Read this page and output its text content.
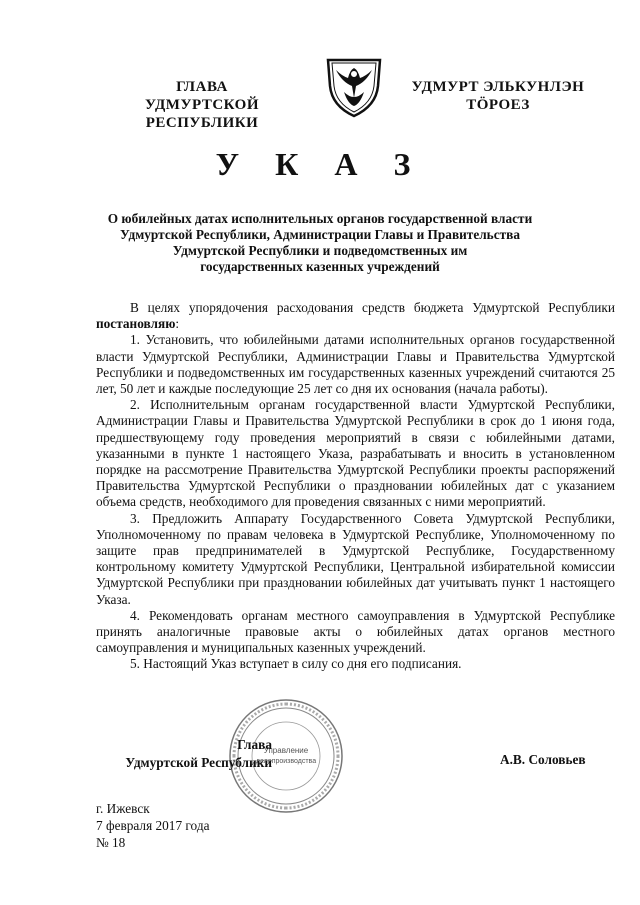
ГЛАВА
УДМУРТСКОЙ РЕСПУБЛИКИ
УДМУРТ ЭЛЬКУНЛЭН
ТӦРОЕЗ
У К А З
О юбилейных датах исполнительных органов государственной власти
Удмуртской Республики, Администрации Главы и Правительства
Удмуртской Республики и подведомственных им
государственных казенных учреждений

В целях упорядочения расходования средств бюджета Удмуртской Республики постановляю:

1. Установить, что юбилейными датами исполнительных органов государственной власти Удмуртской Республики, Администрации Главы и Правительства Удмуртской Республики и подведомственных им государственных казенных учреждений считаются 25 лет, 50 лет и каждые последующие 25 лет со дня их основания (начала работы).

2. Исполнительным органам государственной власти Удмуртской Республики, Администрации Главы и Правительства Удмуртской Республики в срок до 1 июня года, предшествующему году проведения мероприятий в связи с юбилейными датами, указанными в пункте 1 настоящего Указа, разрабатывать и вносить в установленном порядке на рассмотрение Правительства Удмуртской Республики проекты распоряжений Правительства Удмуртской Республики о праздновании юбилейных дат с указанием объема средств, необходимого для проведения связанных с ними мероприятий.

3. Предложить Аппарату Государственного Совета Удмуртской Республики, Уполномоченному по правам человека в Удмуртской Республике, Уполномоченному по защите прав предпринимателей в Удмуртской Республике, Государственному контрольному комитету Удмуртской Республики, Центральной избирательной комиссии Удмуртской Республики при праздновании юбилейных дат учитывать пункт 1 настоящего Указа.

4. Рекомендовать органам местного самоуправления в Удмуртской Республике принять аналогичные правовые акты о юбилейных датах органов местного самоуправления и муниципальных казенных учреждений.

5. Настоящий Указ вступает в силу со дня его подписания.

Управление
делопроизводства
Глава
Удмуртской Республики	А.В. Соловьев
г. Ижевск
7 февраля 2017 года
№ 18
